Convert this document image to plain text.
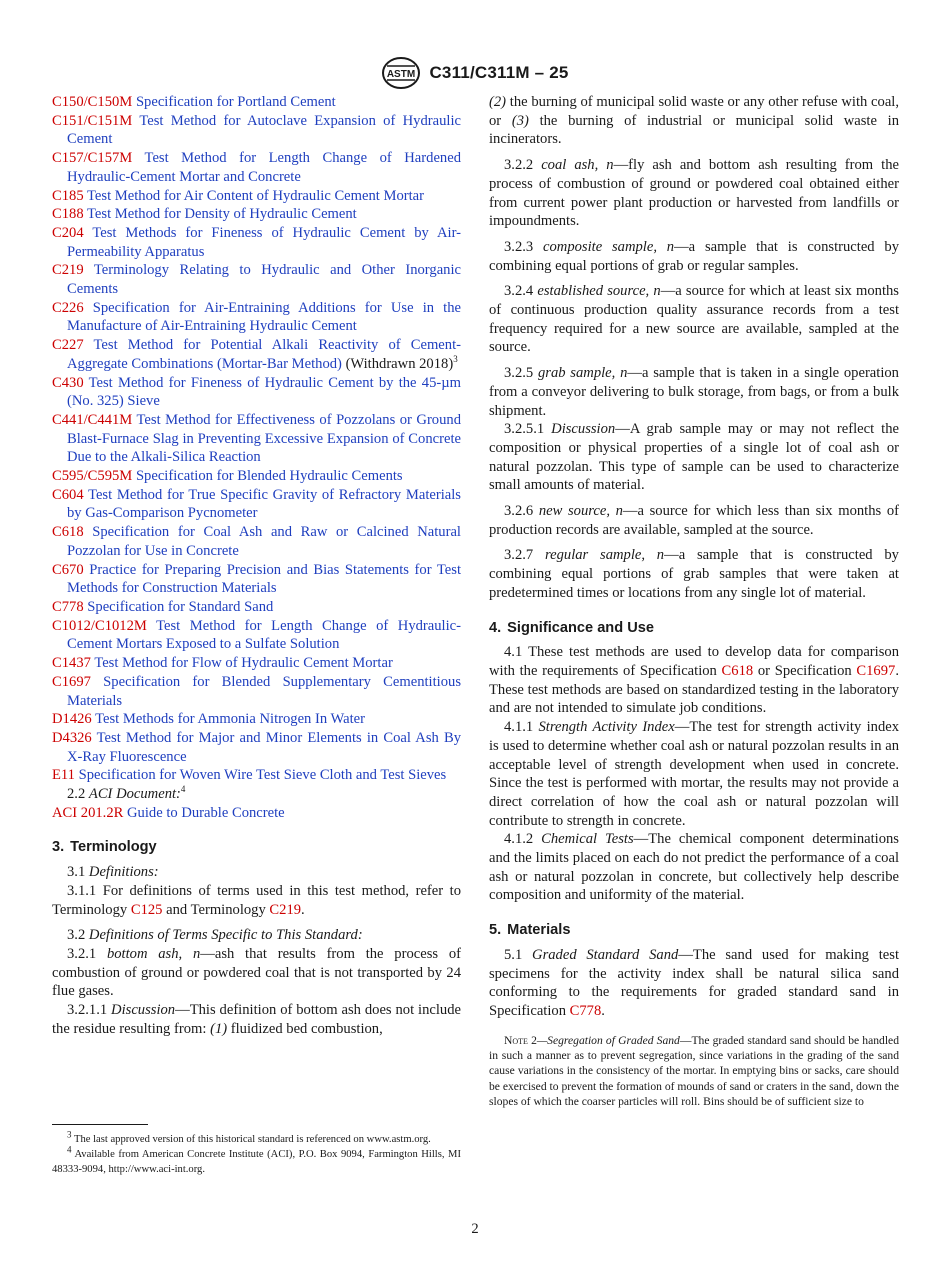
ASTM C311/C311M – 25

C150/C150M Specification for Portland Cement

C151/C151M Test Method for Autoclave Expansion of Hydraulic Cement

C157/C157M Test Method for Length Change of Hardened Hydraulic-Cement Mortar and Concrete

C185 Test Method for Air Content of Hydraulic Cement Mortar

C188 Test Method for Density of Hydraulic Cement

C204 Test Methods for Fineness of Hydraulic Cement by Air-Permeability Apparatus

C219 Terminology Relating to Hydraulic and Other Inorganic Cements

C226 Specification for Air-Entraining Additions for Use in the Manufacture of Air-Entraining Hydraulic Cement

C227 Test Method for Potential Alkali Reactivity of Cement-Aggregate Combinations (Mortar-Bar Method) (Withdrawn 2018)$^3$

C430 Test Method for Fineness of Hydraulic Cement by the 45-µm (No. 325) Sieve

C441/C441M Test Method for Effectiveness of Pozzolans or Ground Blast-Furnace Slag in Preventing Excessive Expansion of Concrete Due to the Alkali-Silica Reaction

C595/C595M Specification for Blended Hydraulic Cements

C604 Test Method for True Specific Gravity of Refractory Materials by Gas-Comparison Pycnometer

C618 Specification for Coal Ash and Raw or Calcined Natural Pozzolan for Use in Concrete

C670 Practice for Preparing Precision and Bias Statements for Test Methods for Construction Materials

C778 Specification for Standard Sand

C1012/C1012M Test Method for Length Change of Hydraulic-Cement Mortars Exposed to a Sulfate Solution

C1437 Test Method for Flow of Hydraulic Cement Mortar

C1697 Specification for Blended Supplementary Cementitious Materials

D1426 Test Methods for Ammonia Nitrogen In Water

D4326 Test Method for Major and Minor Elements in Coal Ash By X-Ray Fluorescence

E11 Specification for Woven Wire Test Sieve Cloth and Test Sieves

2.2 ACI Document:$^4$

ACI 201.2R Guide to Durable Concrete

3. Terminology

3.1 Definitions:

3.1.1 For definitions of terms used in this test method, refer to Terminology C125 and Terminology C219.

3.2 Definitions of Terms Specific to This Standard:

3.2.1 bottom ash, n—ash that results from the process of combustion of ground or powdered coal that is not transported by 24 flue gases.

3.2.1.1 Discussion—This definition of bottom ash does not include the residue resulting from: (1) fluidized bed combustion,

(2) the burning of municipal solid waste or any other refuse with coal, or (3) the burning of industrial or municipal solid waste in incinerators.

3.2.2 coal ash, n—fly ash and bottom ash resulting from the process of combustion of ground or powdered coal obtained either from current power plant production or harvested from landfills or impoundments.

3.2.3 composite sample, n—a sample that is constructed by combining equal portions of grab or regular samples.

3.2.4 established source, n—a source for which at least six months of continuous production quality assurance records from a test frequency required for a new source are available, sampled at the source.

3.2.5 grab sample, n—a sample that is taken in a single operation from a conveyor delivering to bulk storage, from bags, or from a bulk shipment.

3.2.5.1 Discussion—A grab sample may or may not reflect the composition or physical properties of a single lot of coal ash or natural pozzolan. This type of sample can be used to characterize small amounts of material.

3.2.6 new source, n—a source for which less than six months of production records are available, sampled at the source.

3.2.7 regular sample, n—a sample that is constructed by combining equal portions of grab samples that were taken at predetermined times or locations from any single lot of material.

4. Significance and Use

4.1 These test methods are used to develop data for comparison with the requirements of Specification C618 or Specification C1697. These test methods are based on standardized testing in the laboratory and are not intended to simulate job conditions.

4.1.1 Strength Activity Index—The test for strength activity index is used to determine whether coal ash or natural pozzolan results in an acceptable level of strength development when used in concrete. Since the test is performed with mortar, the results may not provide a direct correlation of how the coal ash or natural pozzolan will contribute to strength in concrete.

4.1.2 Chemical Tests—The chemical component determinations and the limits placed on each do not predict the performance of a coal ash or natural pozzolan in concrete, but collectively help describe composition and uniformity of the material.

5. Materials

5.1 Graded Standard Sand—The sand used for making test specimens for the activity index shall be natural silica sand conforming to the requirements for graded standard sand in Specification C778.

Note 2—Segregation of Graded Sand—The graded standard sand should be handled in such a manner as to prevent segregation, since variations in the grading of the sand cause variations in the consistency of the mortar. In emptying bins or sacks, care should be exercised to prevent the formation of mounds of sand or craters in the sand, down the slopes of which the coarser particles will roll. Bins should be of sufficient size to

$^3$ The last approved version of this historical standard is referenced on www.astm.org.

$^4$ Available from American Concrete Institute (ACI), P.O. Box 9094, Farmington Hills, MI 48333-9094, http://www.aci-int.org.

2
